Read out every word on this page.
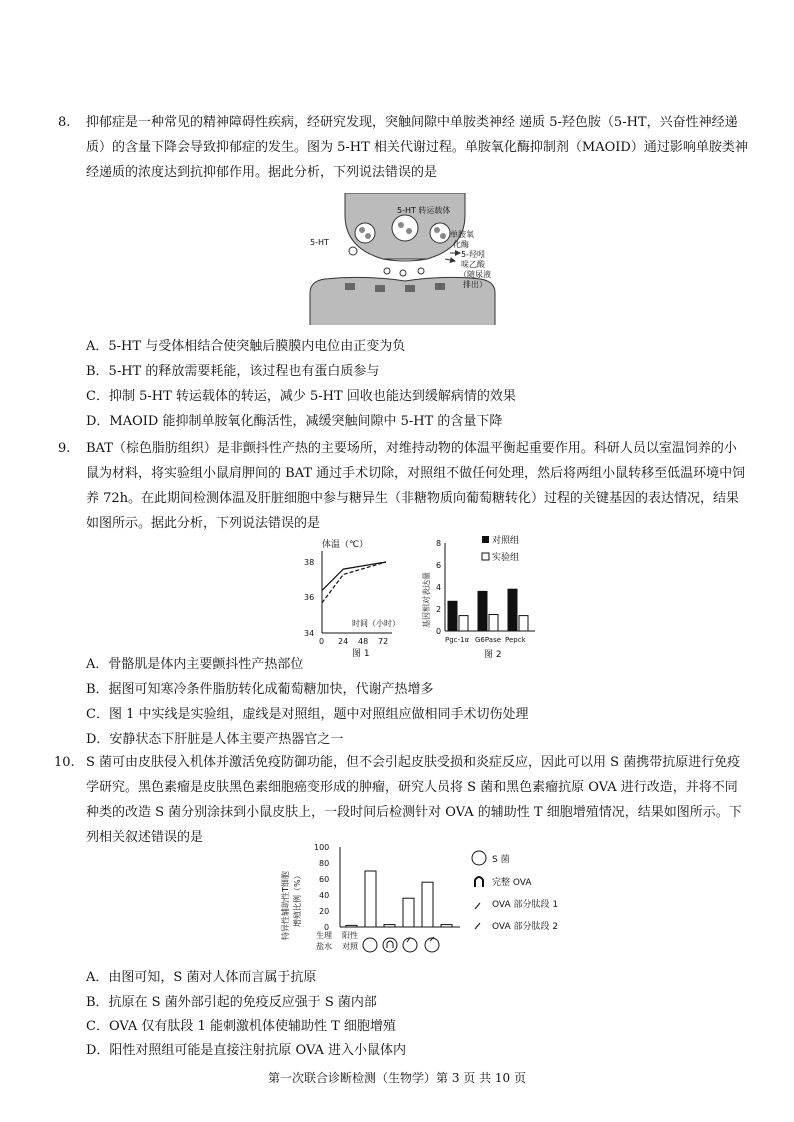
8. 抑郁症是一种常见的精神障碍性疾病，经研究发现，突触间隙中单胺类神经 递质 5-羟色胺（5-HT，兴奋性神经递质）的含量下降会导致抑郁症的发生。图为 5-HT 相关代谢过程。单胺氧化酶抑制剂（MAOID）通过影响单胺类神经递质的浓度达到抗抑郁作用。据此分析，下列说法错误的是
5-HT 转运载体
5-HT
单胺氧
化酶
5-羟吲
哚乙酸
（随尿液
排出）
A．5-HT 与受体相结合使突触后膜膜内电位由正变为负
B．5-HT 的释放需要耗能，该过程也有蛋白质参与
C．抑制 5-HT 转运载体的转运，减少 5-HT 回收也能达到缓解病情的效果
D．MAOID 能抑制单胺氧化酶活性，减缓突触间隙中 5-HT 的含量下降
9. BAT（棕色脂肪组织）是非颤抖性产热的主要场所，对维持动物的体温平衡起重要作用。科研人员以室温饲养的小鼠为材料，将实验组小鼠肩胛间的 BAT 通过手术切除，对照组不做任何处理，然后将两组小鼠转移至低温环境中饲养 72h。在此期间检测体温及肝脏细胞中参与糖异生（非糖物质向葡萄糖转化）过程的关键基因的表达情况，结果如图所示。据此分析，下列说法错误的是
体温（℃）
38
36
34
0 24 48 72
时间（小时）
图 1
基因相对表达量
8
6
4
2
0
对照组
实验组
Pgc-1α G6Pase Pepck
图 2
A．骨骼肌是体内主要颤抖性产热部位
B．据图可知寒冷条件脂肪转化成葡萄糖加快，代谢产热增多
C．图 1 中实线是实验组，虚线是对照组，题中对照组应做相同手术切伤处理
D．安静状态下肝脏是人体主要产热器官之一
10. S 菌可由皮肤侵入机体并激活免疫防御功能，但不会引起皮肤受损和炎症反应，因此可以用 S 菌携带抗原进行免疫学研究。黑色素瘤是皮肤黑色素细胞癌变形成的肿瘤，研究人员将 S 菌和黑色素瘤抗原 OVA 进行改造，并将不同种类的改造 S 菌分别涂抹到小鼠皮肤上，一段时间后检测针对 OVA 的辅助性 T 细胞增殖情况，结果如图所示。下列相关叙述错误的是
特异性辅助性T细胞 增殖比例（%）
100
80
60
40
20
0
生理
盐水
阳性
对照
S 菌
完整 OVA
OVA 部分肽段 1
OVA 部分肽段 2
A．由图可知，S 菌对人体而言属于抗原
B．抗原在 S 菌外部引起的免疫反应强于 S 菌内部
C．OVA 仅有肽段 1 能刺激机体使辅助性 T 细胞增殖
D．阳性对照组可能是直接注射抗原 OVA 进入小鼠体内
第一次联合诊断检测（生物学）第 3 页 共 10 页
